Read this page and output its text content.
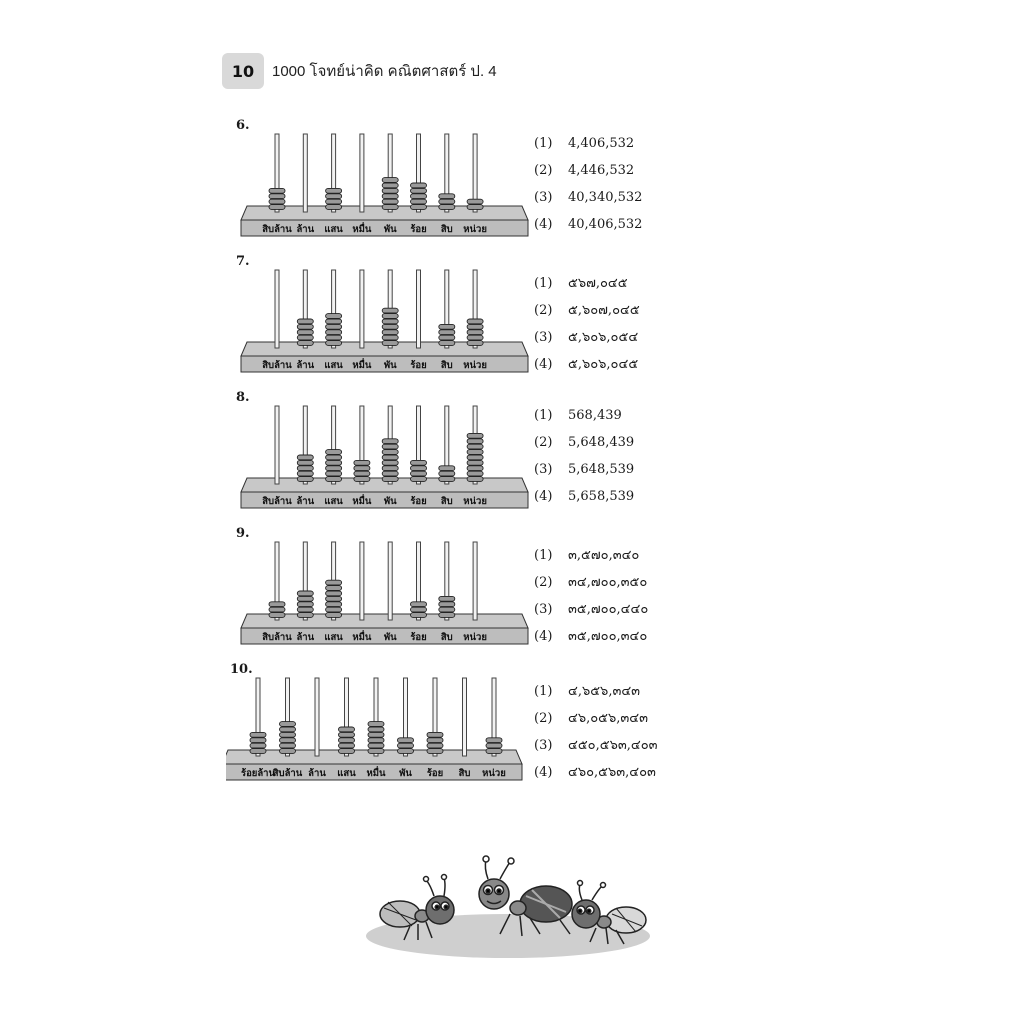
10	1000 โจทย์น่าคิด คณิตศาสตร์ ป. 4
6.
สิบล้าน ล้าน แสน หมื่น พัน ร้อย สิบ หน่วย
(1) 4,406,532
(2) 4,446,532
(3) 40,340,532
(4) 40,406,532
7.
สิบล้าน ล้าน แสน หมื่น พัน ร้อย สิบ หน่วย
(1) ๕๖๗,๐๔๕
(2) ๕,๖๐๗,๐๔๕
(3) ๕,๖๐๖,๐๕๔
(4) ๕,๖๐๖,๐๔๕
8.
สิบล้าน ล้าน แสน หมื่น พัน ร้อย สิบ หน่วย
(1) 568,439
(2) 5,648,439
(3) 5,648,539
(4) 5,658,539
9.
สิบล้าน ล้าน แสน หมื่น พัน ร้อย สิบ หน่วย
(1) ๓,๕๗๐,๓๔๐
(2) ๓๔,๗๐๐,๓๕๐
(3) ๓๕,๗๐๐,๔๔๐
(4) ๓๕,๗๐๐,๓๔๐
10.
ร้อยล้าน
สิบล้าน ล้าน แสน หมื่น พัน ร้อย สิบ หน่วย
(1) ๔,๖๕๖,๓๔๓
(2) ๔๖,๐๕๖,๓๔๓
(3) ๔๕๐,๕๖๓,๔๐๓
(4) ๔๖๐,๕๖๓,๔๐๓
